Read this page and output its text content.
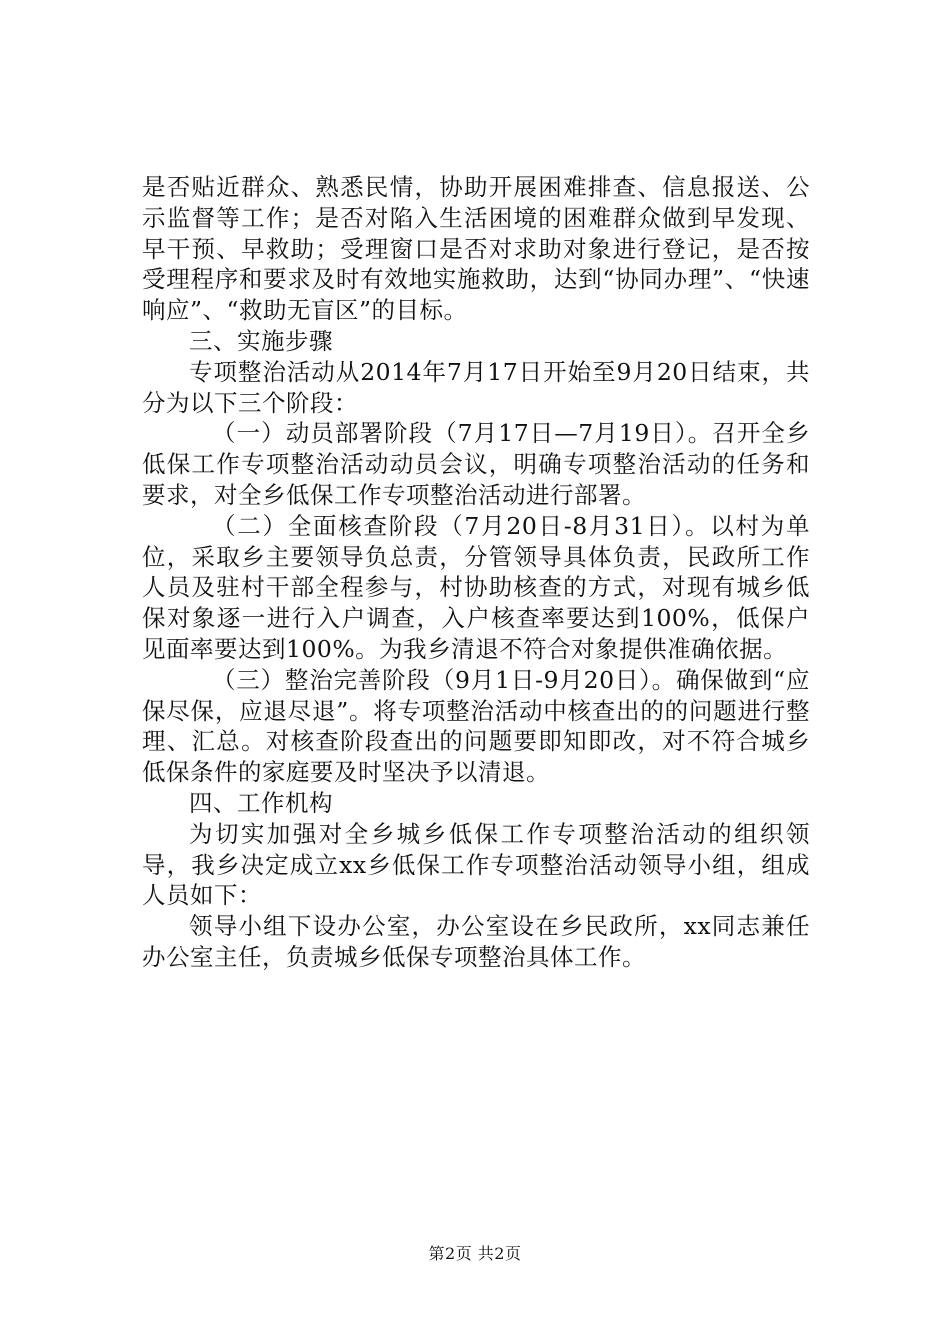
是否贴近群众、熟悉民情，协助开展困难排查、信息报送、公示监督等工作；是否对陷入生活困境的困难群众做到早发现、早干预、早救助；受理窗口是否对求助对象进行登记，是否按受理程序和要求及时有效地实施救助，达到“协同办理”、“快速响应”、“救助无盲区”的目标。

三、实施步骤

专项整治活动从2014年7月17日开始至9月20日结束，共分为以下三个阶段：

（一）动员部署阶段（7月17日—7月19日）。召开全乡低保工作专项整治活动动员会议，明确专项整治活动的任务和要求，对全乡低保工作专项整治活动进行部署。

（二）全面核查阶段（7月20日-8月31日）。以村为单位，采取乡主要领导负总责，分管领导具体负责，民政所工作人员及驻村干部全程参与，村协助核查的方式，对现有城乡低保对象逐一进行入户调查，入户核查率要达到100%，低保户见面率要达到100%。为我乡清退不符合对象提供准确依据。

（三）整治完善阶段（9月1日-9月20日）。确保做到“应保尽保，应退尽退”。将专项整治活动中核查出的的问题进行整理、汇总。对核查阶段查出的问题要即知即改，对不符合城乡低保条件的家庭要及时坚决予以清退。

四、工作机构

为切实加强对全乡城乡低保工作专项整治活动的组织领导，我乡决定成立xx乡低保工作专项整治活动领导小组，组成人员如下：

领导小组下设办公室，办公室设在乡民政所，xx同志兼任办公室主任，负责城乡低保专项整治具体工作。

第2页 共2页
